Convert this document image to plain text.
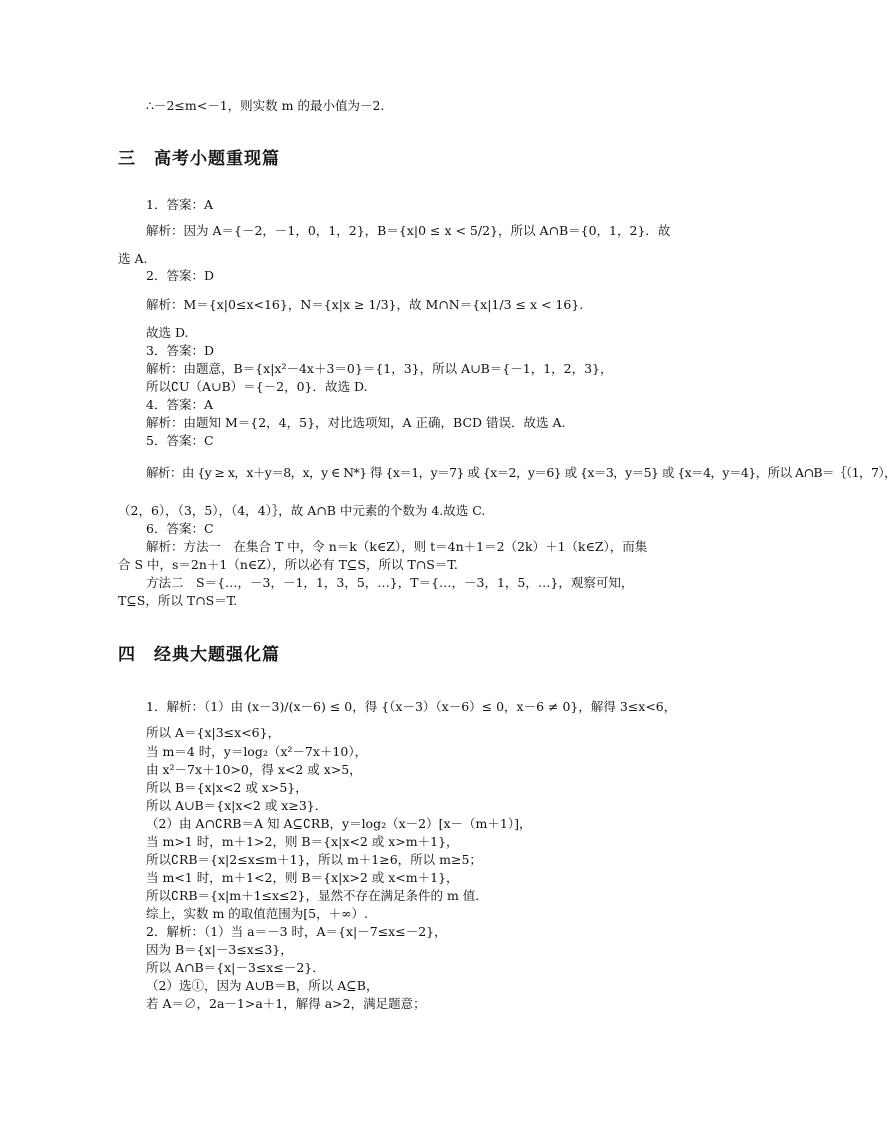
∴－2≤m<－1，则实数 m 的最小值为－2.
三　高考小题重现篇
1．答案：A
解析：因为 A＝{－2，－1，0，1，2}，B＝{x|0 ≤ x < 5/2}，所以 A∩B＝{0，1，2}．故
选 A.
2．答案：D
解析：M＝{x|0≤x<16}，N＝{x|x ≥ 1/3}，故 M∩N＝{x|1/3 ≤ x < 16}.
故选 D.
3．答案：D
解析：由题意，B＝{x|x²－4x＋3＝0}＝{1，3}，所以 A∪B＝{－1，1，2，3}，
所以∁U（A∪B）＝{－2，0}．故选 D.
4．答案：A
解析：由题知 M＝{2，4，5}，对比选项知，A 正确，BCD 错误．故选 A.
5．答案：C
解析：由 {y ≥ x，x＋y＝8，x，y ∈ N*} 得 {x＝1，y＝7} 或 {x＝2，y＝6} 或 {x＝3，y＝5} 或 {x＝4，y＝4}，所以 A∩B＝｛（1，7），
（2，6），（3，5），（4，4）｝，故 A∩B 中元素的个数为 4.故选 C.
6．答案：C
解析：方法一　在集合 T 中，令 n＝k（k∈Z），则 t＝4n＋1＝2（2k）＋1（k∈Z），而集
合 S 中，s＝2n＋1（n∈Z），所以必有 T⊆S，所以 T∩S＝T.
方法二　S＝{…，－3，－1，1，3，5，…}，T＝{…，－3，1，5，…}，观察可知，
T⊆S，所以 T∩S＝T.
四　经典大题强化篇
1．解析：（1）由 (x－3)/(x－6) ≤ 0，得 {（x－3）（x－6）≤ 0，x－6 ≠ 0}，解得 3≤x<6，
所以 A＝{x|3≤x<6}，
当 m＝4 时，y＝log₂（x²－7x＋10），
由 x²－7x＋10>0，得 x<2 或 x>5，
所以 B＝{x|x<2 或 x>5}，
所以 A∪B＝{x|x<2 或 x≥3}．
（2）由 A∩∁RB＝A 知 A⊆∁RB，y＝log₂（x－2）[x－（m＋1）]，
当 m>1 时，m＋1>2，则 B＝{x|x<2 或 x>m＋1}，
所以∁RB＝{x|2≤x≤m＋1}，所以 m＋1≥6，所以 m≥5；
当 m<1 时，m＋1<2，则 B＝{x|x>2 或 x<m＋1}，
所以∁RB＝{x|m＋1≤x≤2}，显然不存在满足条件的 m 值．
综上，实数 m 的取值范围为[5，＋∞）.
2．解析：（1）当 a＝－3 时，A＝{x|－7≤x≤－2}，
因为 B＝{x|－3≤x≤3}，
所以 A∩B＝{x|－3≤x≤－2}．
（2）选①，因为 A∪B＝B，所以 A⊆B，
若 A＝∅，2a－1>a＋1，解得 a>2，满足题意；
